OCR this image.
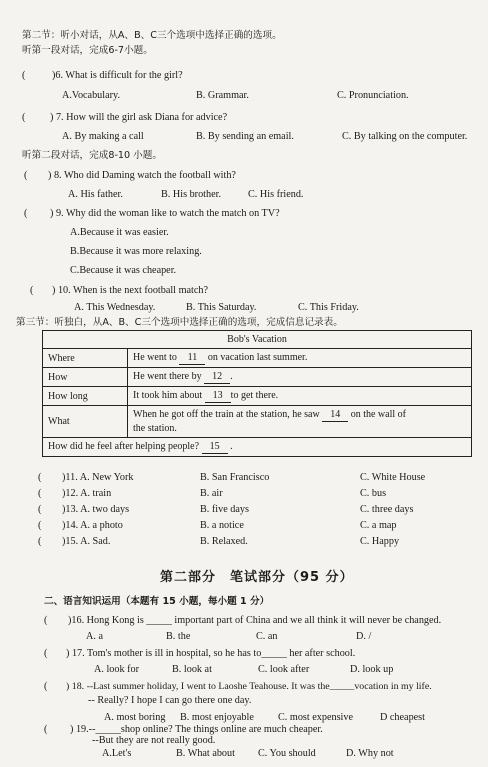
第二节：听小对话，从A、B、C三个选项中选择正确的选项。
听第一段对话，完成6-7小题。
(	)6. What is difficult for the girl?
A.Vocabulary.	B. Grammar.	C. Pronunciation.
( ) 7. How will the girl ask Diana for advice?
A. By making a call	B. By sending an email.	C. By talking on the computer.
听第二段对话，完成8-10 小题。
( ) 8. Who did Daming watch the football with?
A. His father.	B. His brother.	C. His friend.
( ) 9. Why did the woman like to watch the match on TV?
A.Because it was easier.
B.Because it was more relaxing.
C.Because it was cheaper.
( ) 10. When is the next football match?
A. This Wednesday.	B. This Saturday.	C. This Friday.
第三节：听独白，从A、B、C三个选项中选择正确的选项，完成信息记录表。
Bob's Vacation	
Where	He went to 11 on vacation last summer.
How	He went there by 12 .
How long	It took him about 13 to get there.
What	When he got off the train at the station, he saw 14 on the wall of
the station.
How did he feel after helping people? 15 .	
( )11. A. New York	B. San Francisco	C. White House
( )12. A. train	B. air	C. bus
( )13. A. two days	B. five days	C. three days
( )14. A. a photo	B. a notice	C. a map
( )15. A. Sad.	B. Relaxed.	C. Happy
第二部分　笔试部分（95 分）
二、语言知识运用（本题有 15 小题，每小题 1 分）
( )16. Hong Kong is _____ important part of China and we all think it will never be changed.
A. a	B. the	C. an	D. /
( ) 17. Tom's mother is ill in hospital, so he has to_____ her after school.
A. look for	B. look at	C. look after	D. look up
( ) 18. --Last summer holiday, I went to Laoshe Teahouse. It was the_____vocation in my life.
-- Really? I hope I can go there one day.
A. most boring B. most enjoyable C. most expensive	D cheapest
( ) 19.--_____shop online? The things online are much cheaper.
--But they are not really good.
A.Let's	B. What about C. You should	D. Why not
